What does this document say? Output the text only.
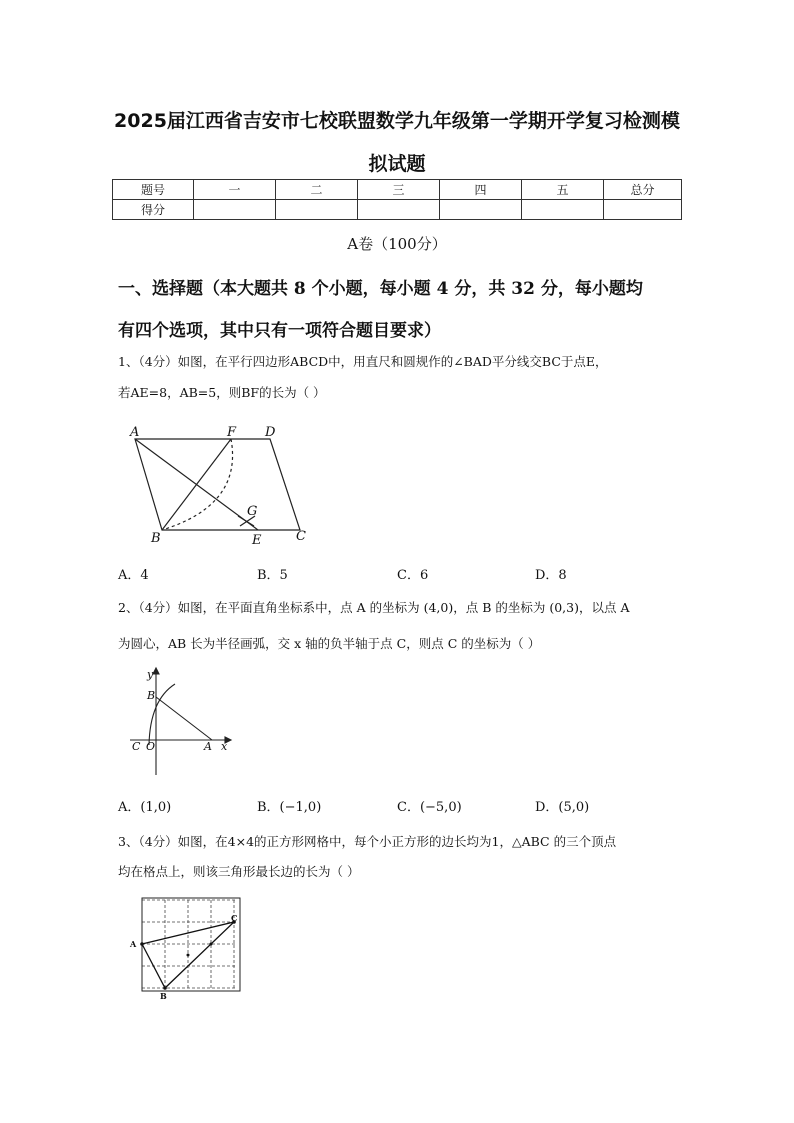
2025届江西省吉安市七校联盟数学九年级第一学期开学复习检测模
拟试题
题号	一	二	三	四	五	总分
得分						
A卷（100分）
一、选择题（本大题共 8 个小题，每小题 4 分，共 32 分，每小题均
有四个选项，其中只有一项符合题目要求）
1、（4分）如图，在平行四边形ABCD中，用直尺和圆规作的∠BAD平分线交BC于点E，
若AE=8，AB=5，则BF的长为（ ）
A	F D
G
B	E	C
A．4	B．5	C．6	D．8
2、（4分）如图，在平面直角坐标系中，点 A 的坐标为 (4,0)，点 B 的坐标为 (0,3)，以点 A
为圆心，AB 长为半径画弧，交 x 轴的负半轴于点 C，则点 C 的坐标为（ ）
y
B
C O	A x
A．(1,0)	B．(−1,0)	C．(−5,0)	D．(5,0)
3、（4分）如图，在4×4的正方形网格中，每个小正方形的边长均为1，△ABC 的三个顶点
均在格点上，则该三角形最长边的长为（ ）
A
B
C
